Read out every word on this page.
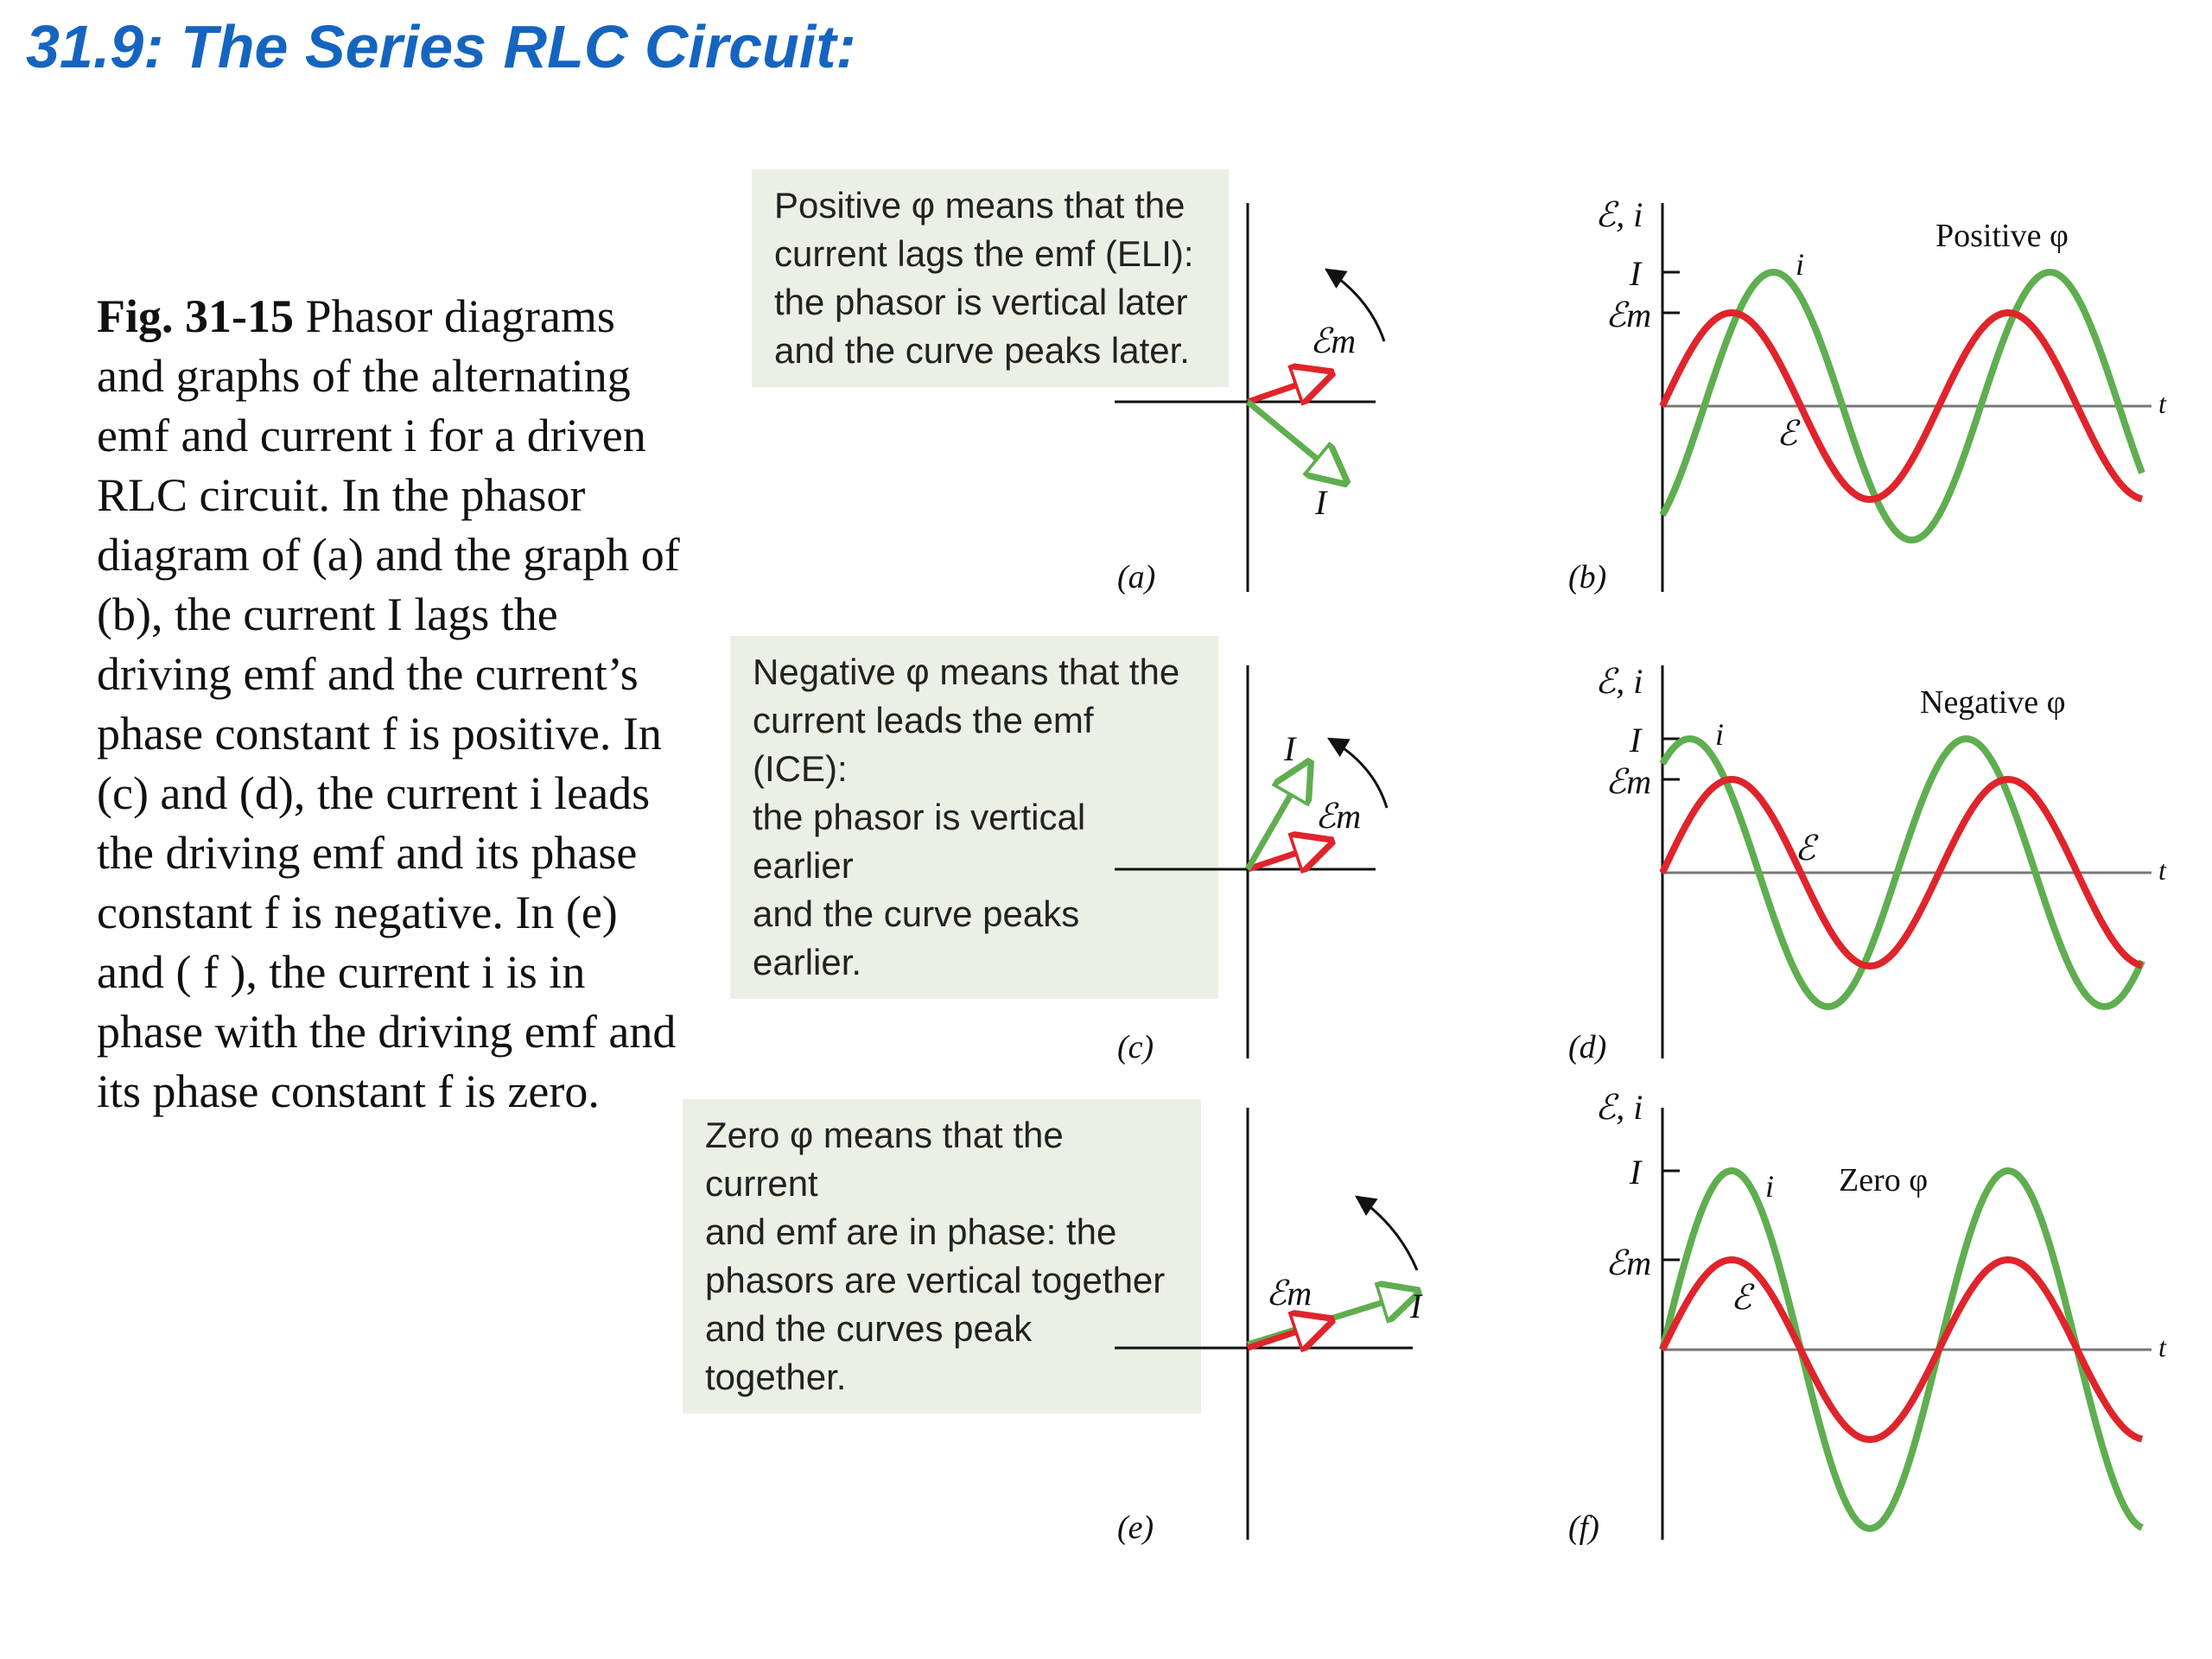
31.9: The Series RLC Circuit:
Fig. 31-15 Phasor diagrams and graphs of the alternating emf and current i for a driven RLC circuit. In the phasor diagram of (a) and the graph of (b), the current I lags the driving emf and the current’s phase constant f is positive. In (c) and (d), the current i leads the driving emf and its phase constant f is negative. In (e) and ( f ), the current i is in phase with the driving emf and its phase constant f is zero.
Positive φ means that the
current lags the emf (ELI):
the phasor is vertical later
and the curve peaks later.
Negative φ means that the
current leads the emf (ICE):
the phasor is vertical earlier
and the curve peaks earlier.
Zero φ means that the current
and emf are in phase: the
phasors are vertical together
and the curves peak together.
ℰm
I
(a)
I
ℰm
(c)
ℰm	I
(e)
ℰ, i
I
ℰm
i
ℰ
t
Positive φ
(b)
ℰ, i
I
ℰm
i
ℰ
t
Negative φ
(d)
ℰ, i
I
ℰm
i
ℰ
t
Zero φ
(f)
